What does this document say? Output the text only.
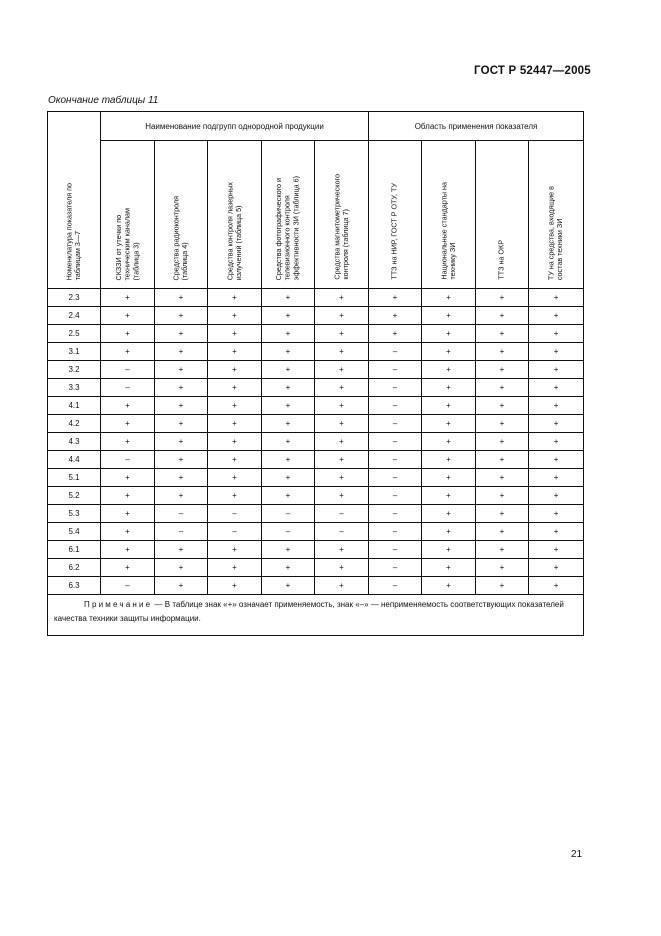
ГОСТ Р 52447—2005
Окончание таблицы 11
Номенклатура показателя по
таблицам 3—7	Наименование подгрупп однородной продукции					Область применения показателя			

	СКЗЗИ от утечки по
техническим каналам
(таблица 3)	Средства радиоконтроля
(таблица 4)	Средства контроля лазерных
излучений (таблица 5)	Средства фотографического и
телевизионного контроля
эффективности ЗИ (таблица 6)	Средства магнитометрического
контроля (таблица 7)	ТТЗ на НИР, ГОСТ Р ОТУ, ТУ	Национальные стандарты на
технику ЗИ	ТТЗ на ОКР	ТУ на средства, входящие в
состав техники ЗИ

2.3	+	+	+	+	+	+	+	+	+
2.4	+	+	+	+	+	+	+	+	+
2.5	+	+	+	+	+	+	+	+	+
3.1	+	+	+	+	+	–	+	+	+
3.2	–	+	+	+	+	–	+	+	+
3.3	–	+	+	+	+	–	+	+	+
4.1	+	+	+	+	+	–	+	+	+
4.2	+	+	+	+	+	–	+	+	+
4.3	+	+	+	+	+	–	+	+	+
4.4	–	+	+	+	+	–	+	+	+
5.1	+	+	+	+	+	–	+	+	+
5.2	+	+	+	+	+	–	+	+	+
5.3	+	–	–	–	–	–	+	+	+
5.4	+	–	–	–	–	–	+	+	+
6.1	+	+	+	+	+	–	+	+	+
6.2	+	+	+	+	+	–	+	+	+
6.3	–	+	+	+	+	–	+	+	+
Примечание — В таблице знак «+» означает применяемость, знак «–» — неприменяемость соответствующих показателей качества техники защиты информации.									
21
